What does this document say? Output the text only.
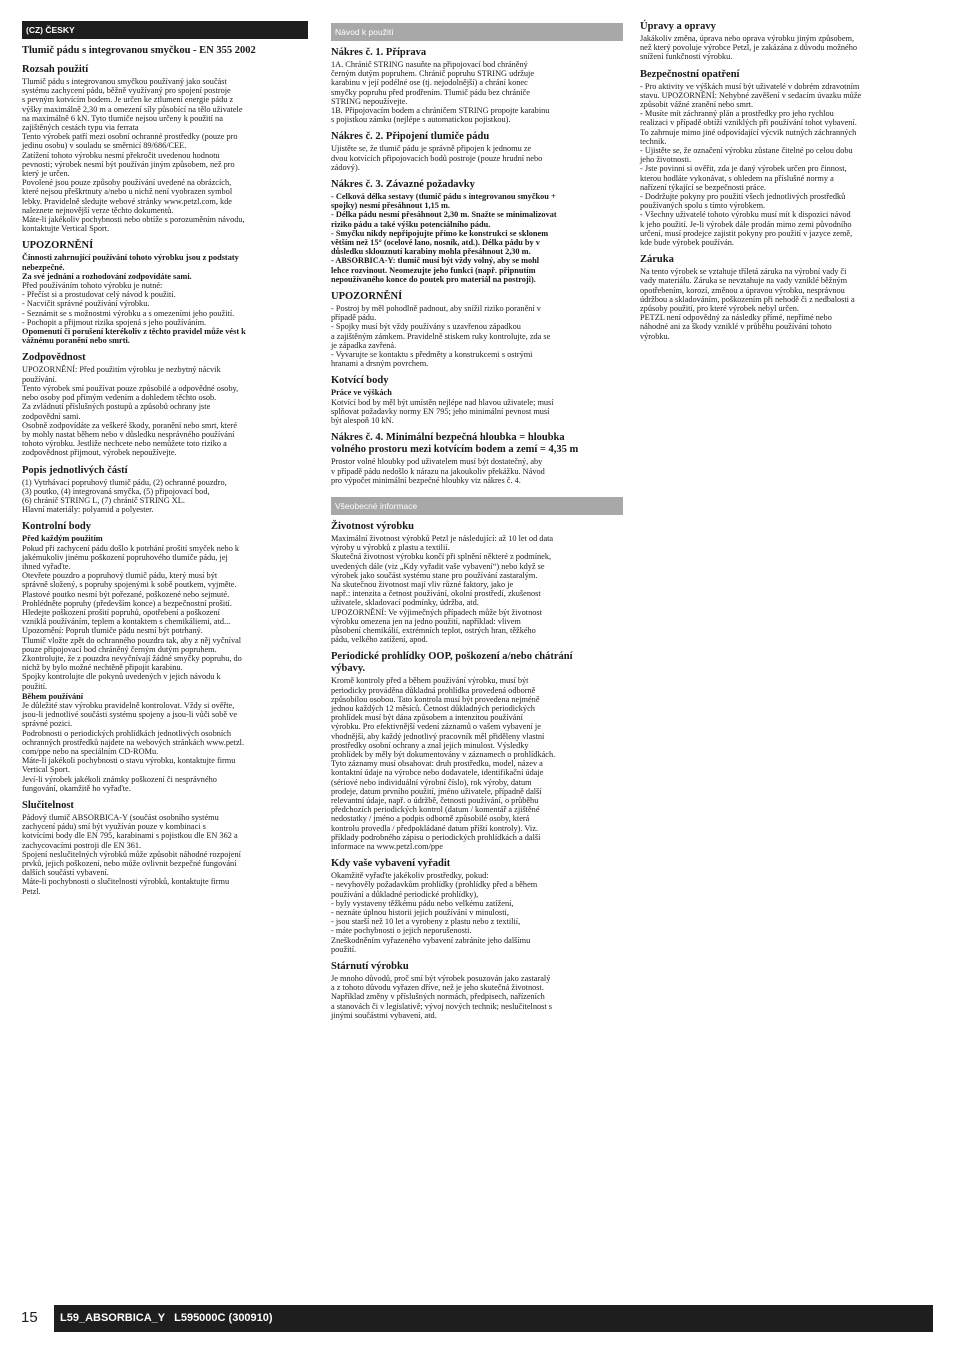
(CZ) ČESKY
Tlumič pádu s integrovanou smyčkou - EN 355 2002
Rozsah použití
Tlumič pádu s integrovanou smyčkou používaný jako součást
systému zachycení pádu, běžně využívaný pro spojení postroje
s pevným kotvícím bodem. Je určen ke ztlumení energie pádu z
výšky maximálně 2,30 m a omezení síly působící na tělo uživatele
na maximálně 6 kN. Tyto tlumiče nejsou určeny k použití na
zajištěných cestách typu via ferrata
Tento výrobek patří mezi osobní ochranné prostředky (pouze pro
jedinu osobu) v souladu se směrnicí 89/686/CEE.
Zatížení tohoto výrobku nesmí překročit uvedenou hodnotu
pevnosti; výrobek nesmí být používán jiným způsobem, než pro
který je určen.
Povolené jsou pouze způsoby používání uvedené na obrázcích,
které nejsou přeškrtnuty a/nebo u nichž není vyobrazen symbol
lebky. Pravidelně sledujte webové stránky www.petzl.com, kde
naleznete nejnovější verze těchto dokumentů.
Máte-li jakékoliv pochybnosti nebo obtíže s porozuměním návodu,
kontaktujte Vertical Sport.
UPOZORNĚNÍ
Činnosti zahrnující používání tohoto výrobku jsou z podstaty
nebezpečné.
Za své jednání a rozhodování zodpovídáte sami.
Před používáním tohoto výrobku je nutné:
- Přečíst si a prostudovat celý návod k použití.
- Nacvičit správné používání výrobku.
- Seznámit se s možnostmi výrobku a s omezeními jeho použití.
- Pochopit a přijmout rizika spojená s jeho používáním.
Opomenutí či porušení kterékoliv z těchto pravidel může vést k
vážnému poranění nebo smrti.
Zodpovědnost
UPOZORNĚNÍ: Před použitím výrobku je nezbytný nácvik
používání.
Tento výrobek smí používat pouze způsobilé a odpovědné osoby,
nebo osoby pod přímým vedením a dohledem těchto osob.
Za zvládnutí příslušných postupů a způsobů ochrany jste
zodpovědní sami.
Osobně zodpovídáte za veškeré škody, poranění nebo smrt, které
by mohly nastat během nebo v důsledku nesprávného používání
tohoto výrobku. Jestliže nechcete nebo nemůžete toto riziko a
zodpovědnost přijmout, výrobek nepoužívejte.
Popis jednotlivých částí
(1) Vytrhávací popruhový tlumič pádu, (2) ochranné pouzdro,
(3) poutko, (4) integrovaná smyčka, (5) připojovací bod,
(6) chránič STRING L, (7) chránič STRING XL.
Hlavní materiály: polyamid a polyester.
Kontrolní body
Před každým použitím
Pokud při zachycení pádu došlo k potrhání prošití smyček nebo k
jakémukoliv jinému poškození popruhového tlumiče pádu, jej
ihned vyřaďte.
Otevřete pouzdro a popruhový tlumič pádu, který musí být
správně složený, s popruhy spojenými k sobě poutkem, vyjměte.
Plastové poutko nesmí být pořezané, poškozené nebo sejmuté.
Prohlédněte popruhy (především konce) a bezpečnostní prošití.
Hledejte poškození prošití popruhů, opotřebení a poškození
vzniklá používáním, teplem a kontaktem s chemikáliemi, atd...
Upozornění: Popruh tlumiče pádu nesmí být potrhaný.
Tlumič vložte zpět do ochranného pouzdra tak, aby z něj vyčníval
pouze připojovací bod chráněný černým dutým popruhem.
Zkontrolujte, že z pouzdra nevyčnívají žádné smyčky popruhu, do
nichž by bylo možné nechtěně připojit karabinu.
Spojky kontrolujte dle pokynů uvedených v jejich návodu k
použití.
Během používání
Je důležité stav výrobku pravidelně kontrolovat. Vždy si ověřte,
jsou-li jednotlivé součásti systému spojeny a jsou-li vůči sobě ve
správné pozici.
Podrobnosti o periodických prohlídkách jednotlivých osobních
ochranných prostředků najdete na webových stránkách www.petzl.
com/ppe nebo na speciálním CD-ROMu.
Máte-li jakékoli pochybnosti o stavu výrobku, kontaktujte firmu
Vertical Sport.
Jeví-li výrobek jakékoli známky poškození či nesprávného
fungování, okamžitě ho vyřaďte.
Slučitelnost
Pádový tlumič ABSORBICA-Y (součást osobního systému
zachycení pádu) smí být využíván pouze v kombinaci s
kotvícími body dle EN 795, karabinami s pojistkou dle EN 362 a
zachycovacími postroji dle EN 361.
Spojení neslučitelných výrobků může způsobit náhodné rozpojení
prvků, jejich poškození, nebo může ovlivnit bezpečné fungování
dalších součástí vybavení.
Máte-li pochybnosti o slučitelnosti výrobků, kontaktujte firmu
Petzl.
Návod k použití
Nákres č. 1. Příprava
1A. Chránič STRING nasuňte na připojovací bod chráněný
černým dutým popruhem. Chránič popruhu STRING udržuje
karabinu v její podélné ose (tj. nejodolnější) a chrání konec
smyčky popruhu před prodřením. Tlumič pádu bez chrániče
STRING nepoužívejte.
1B. Připojovacím bodem a chráničem STRING propojte karabinu
s pojistkou zámku (nejlépe s automatickou pojistkou).
Nákres č. 2. Připojení tlumiče pádu
Ujistěte se, že tlumič pádu je správně připojen k jednomu ze
dvou kotvících připojovacích bodů postroje (pouze hrudní nebo
zádový).
Nákres č. 3. Závazné požadavky
- Celková délka sestavy (tlumič pádu s integrovanou smyčkou +
spojky) nesmí přesáhnout 1,15 m.
- Délka pádu nesmí přesáhnout 2,30 m. Snažte se minimalizovat
riziko pádu a také výšku potenciálního pádu.
- Smyčku nikdy nepřipojujte přímo ke konstrukci se sklonem
větším než 15° (ocelové lano, nosník, atd.). Délka pádu by v
důsledku sklouznutí karabiny mohla přesáhnout 2,30 m.
- ABSORBICA-Y: tlumič musí být vždy volný, aby se mohl
lehce rozvinout. Neomezujte jeho funkci (např. připnutím
nepoužívaného konce do poutek pro materiál na postroji).
UPOZORNĚNÍ
- Postroj by měl pohodlně padnout, aby snížil riziko poranění v
případě pádu.
- Spojky musí být vždy používány s uzavřenou západkou
a zajištěným zámkem. Pravidelně stiskem ruky kontrolujte, zda se
je západka zavřená.
- Vyvarujte se kontaktu s předměty a konstrukcemi s ostrými
hranami a drsným povrchem.
Kotvící body
Práce ve výškách
Kotvící bod by měl být umístěn nejlépe nad hlavou uživatele; musí
splňovat požadavky normy EN 795; jeho minimální pevnost musí
být alespoň 10 kN.
Nákres č. 4. Minimální bezpečná hloubka = hloubka
volného prostoru mezi kotvícím bodem a zemí = 4,35 m
Prostor volné hloubky pod uživatelem musí být dostatečný, aby
v případě pádu nedošlo k nárazu na jakoukoliv překážku. Návod
pro výpočet minimální bezpečné hloubky viz nákres č. 4.
Všeobecné informace
Životnost výrobku
Maximální životnost výrobků Petzl je následující: až 10 let od data
výroby u výrobků z plastu a textilií.
Skutečná životnost výrobku končí při splnění některé z podmínek,
uvedených dále (viz „Kdy vyřadit vaše vybavení“) nebo když se
výrobek jako součást systému stane pro používání zastaralým.
Na skutečnou životnost mají vliv různé faktory, jako je
např.: intenzita a četnost používání, okolní prostředí, zkušenost
uživatele, skladovací podmínky, údržba, atd.
UPOZORNĚNÍ: Ve výjimečných případech může být životnost
výrobku omezena jen na jedno použití, například: vlivem
působení chemikálií, extrémních teplot, ostrých hran, těžkého
pádu, velkého zatížení, apod.
Periodické prohlídky OOP, poškození a/nebo chátrání
výbavy.
Kromě kontroly před a během používání výrobku, musí být
periodicky prováděna důkladná prohlídka provedená odborně
způsobilou osobou. Tato kontrola musí být provedena nejméně
jednou každých 12 měsíců. Četnost důkladných periodických
prohlídek musí být dána způsobem a intenzitou používání
výrobku. Pro efektivnější vedení záznamů o vašem vybavení je
vhodnější, aby každý jednotlivý pracovník měl přiděleny vlastní
prostředky osobní ochrany a znal jejich minulost. Výsledky
prohlídek by měly být dokumentovány v záznamech o prohlídkách.
Tyto záznamy musí obsahovat: druh prostředku, model, název a
kontaktní údaje na výrobce nebo dodavatele, identifikační údaje
(sériové nebo individuální výrobní číslo), rok výroby, datum
prodeje, datum prvního použití, jméno uživatele, případně další
relevantní údaje, např. o údržbě, četnosti používání, o průběhu
předchozích periodických kontrol (datum / komentář a zjištěné
nedostatky / jméno a podpis odborně způsobilé osoby, která
kontrolu provedla / předpokládané datum příští kontroly). Viz.
příklady podrobného zápisu o periodických prohlídkách a další
informace na www.petzl.com/ppe
Kdy vaše vybavení vyřadit
Okamžitě vyřaďte jakékoliv prostředky, pokud:
- nevyhověly požadavkům prohlídky (prohlídky před a během
používání a důkladné periodické prohlídky),
- byly vystaveny těžkému pádu nebo velkému zatížení,
- neznáte úplnou historii jejich používání v minulosti,
- jsou starší než 10 let a vyrobeny z plastu nebo z textilií,
- máte pochybnosti o jejich neporušenosti.
Zneškodněním vyřazeného vybavení zabráníte jeho dalšímu
použití.
Stárnutí výrobku
Je mnoho důvodů, proč smí být výrobek posuzován jako zastaralý
a z tohoto důvodu vyřazen dříve, než je jeho skutečná životnost.
Například změny v příslušných normách, předpisech, nařízeních
a stanovách či v legislativě; vývoj nových technik; neslučitelnost s
jinými součástmi vybavení, atd.
Úpravy a opravy
Jakákoliv změna, úprava nebo oprava výrobku jiným způsobem,
než který povoluje výrobce Petzl, je zakázána z důvodu možného
snížení funkčnosti výrobku.
Bezpečnostní opatření
- Pro aktivity ve výškách musí být uživatelé v dobrém zdravotním
stavu. UPOZORNĚNÍ: Nehybné zavěšení v sedacím úvazku může
způsobit vážné zranění nebo smrt.
- Musíte mít záchranný plán a prostředky pro jeho rychlou
realizaci v případě obtíží vzniklých při používání tohot vybavení.
To zahrnuje mimo jiné odpovídající výcvik nutných záchranných
technik.
- Ujistěte se, že označení výrobku zůstane čitelné po celou dobu
jeho životnosti.
- Jste povinni si ověřit, zda je daný výrobek určen pro činnost,
kterou hodláte vykonávat, s ohledem na příslušné normy a
nařízení týkající se bezpečnosti práce.
- Dodržujte pokyny pro použití všech jednotlivých prostředků
používaných spolu s tímto výrobkem.
- Všechny uživatelé tohoto výrobku musí mít k dispozici návod
k jeho použití. Je-li výrobek dále prodán mimo zemi původního
určení, musí prodejce zajistit pokyny pro použití v jazyce země,
kde bude výrobek používán.
Záruka
Na tento výrobek se vztahuje tříletá záruka na výrobní vady či
vady materiálu. Záruka se nevztahuje na vady vzniklé běžným
opotřebením, korozí, změnou a úpravou výrobku, nesprávnou
údržbou a skladováním, poškozením při nehodě či z nedbalosti a
způsoby použití, pro které výrobek nebyl určen.
PETZL není odpovědný za následky přímé, nepřímé nebo
náhodné ani za škody vzniklé v průběhu používání tohoto
výrobku.
15	L59_ABSORBICA_Y   L595000C (300910)
